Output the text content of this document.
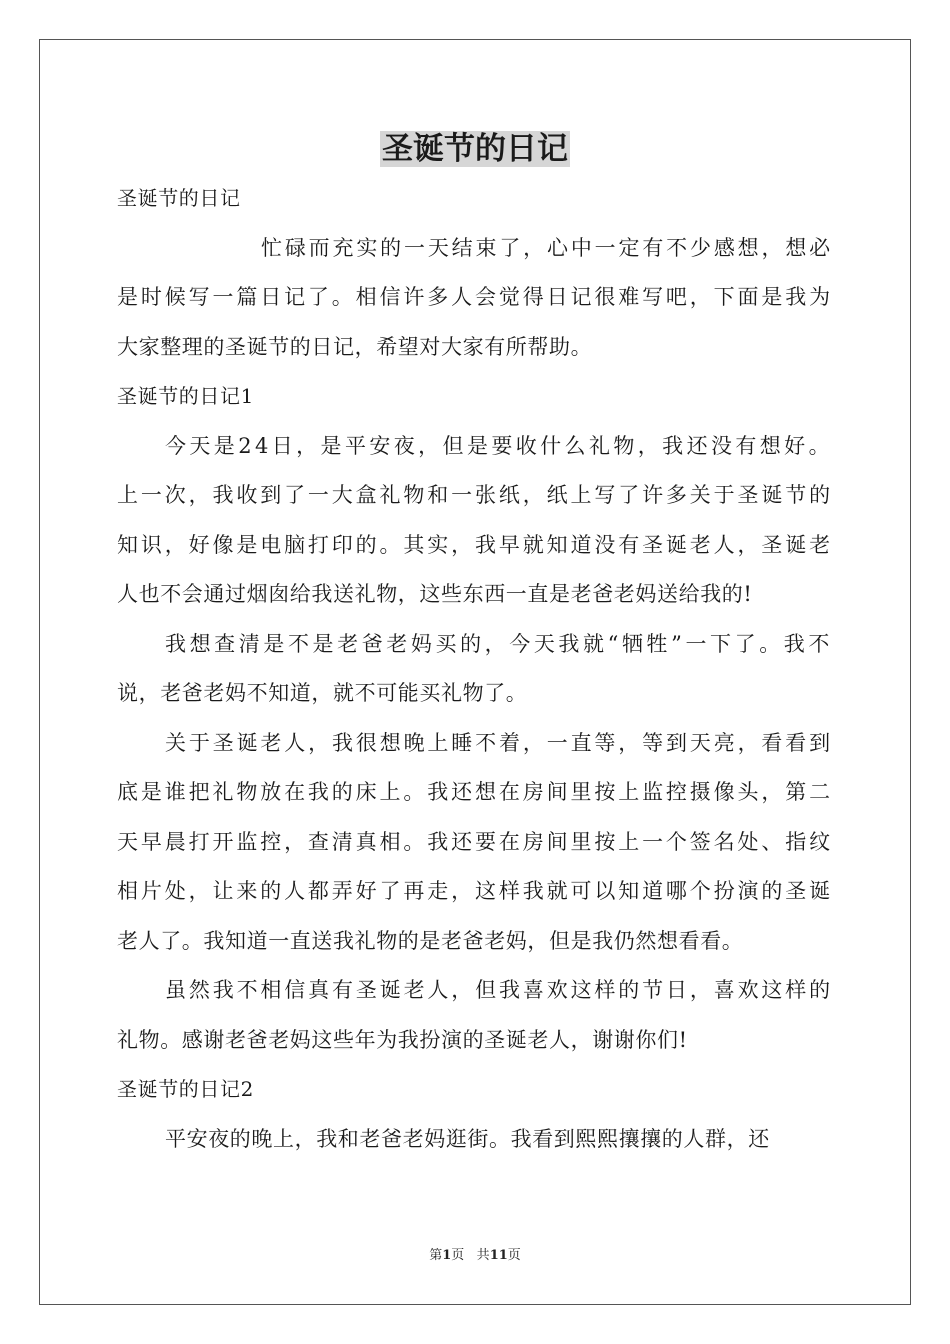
圣诞节的日记
圣诞节的日记
忙碌而充实的一天结束了，心中一定有不少感想，想必
是时候写一篇日记了。相信许多人会觉得日记很难写吧，下面是我为
大家整理的圣诞节的日记，希望对大家有所帮助。
圣诞节的日记1
今天是24日，是平安夜，但是要收什么礼物，我还没有想好。
上一次，我收到了一大盒礼物和一张纸，纸上写了许多关于圣诞节的
知识，好像是电脑打印的。其实，我早就知道没有圣诞老人，圣诞老
人也不会通过烟囱给我送礼物，这些东西一直是老爸老妈送给我的!
我想查清是不是老爸老妈买的，今天我就“牺牲”一下了。我不
说，老爸老妈不知道，就不可能买礼物了。
关于圣诞老人，我很想晚上睡不着，一直等，等到天亮，看看到
底是谁把礼物放在我的床上。我还想在房间里按上监控摄像头，第二
天早晨打开监控，查清真相。我还要在房间里按上一个签名处、指纹
相片处，让来的人都弄好了再走，这样我就可以知道哪个扮演的圣诞
老人了。我知道一直送我礼物的是老爸老妈，但是我仍然想看看。
虽然我不相信真有圣诞老人，但我喜欢这样的节日，喜欢这样的
礼物。感谢老爸老妈这些年为我扮演的圣诞老人，谢谢你们!
圣诞节的日记2
平安夜的晚上，我和老爸老妈逛街。我看到熙熙攘攘的人群，还
第1页 共11页
